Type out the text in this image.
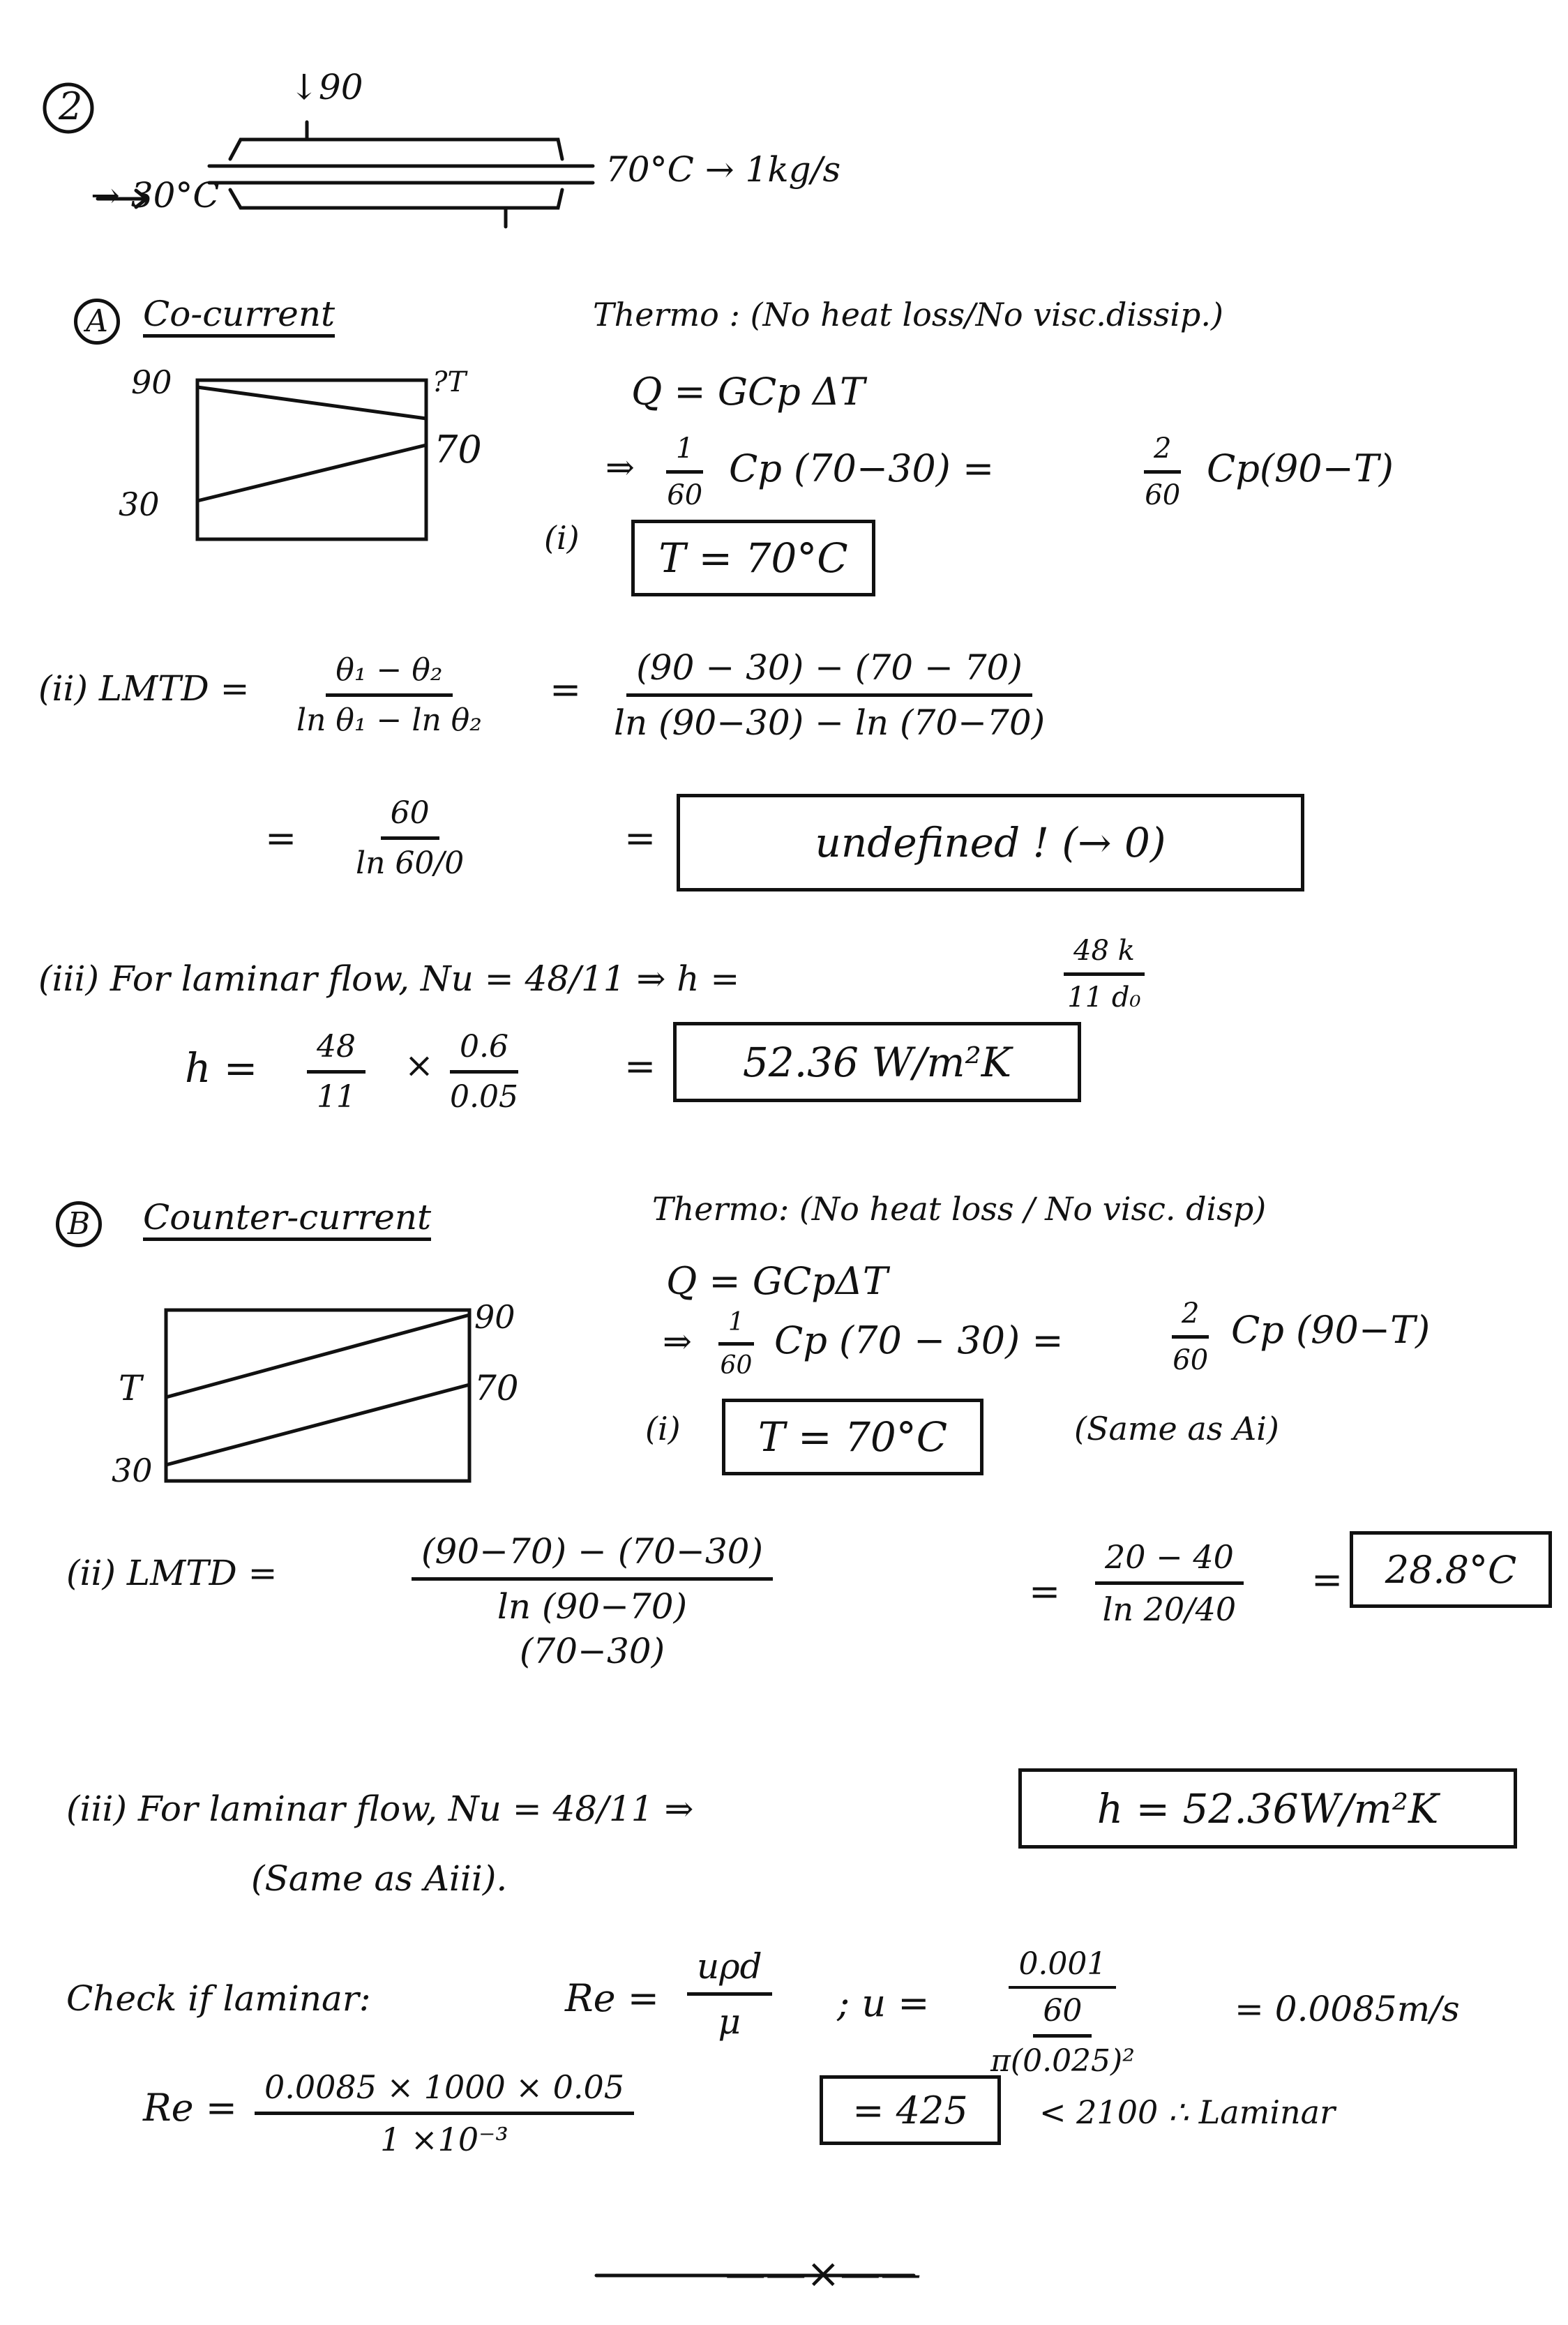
2	↓90
→ 30°C
70°C → 1kg/s
A	Co-current
90
30
?T
70
Thermo : (No heat loss/No visc.dissip.)
Q = GCp ΔT
⇒ $\frac{1}{60}$ Cp (70−30) =	$\frac{2}{60} Cp(90-T)$
(i)	T = 70°C
(ii) LMTD = $\frac{\text{θ₁ − θ₂}}{\text{ln θ₁ − ln θ₂}} = \frac{(90 - 30) - (70 - 70)}{\ln (90-30) - \ln (70-70)}$
= $\frac{60}{\ln 60/0}$	=	undefined ! (→ 0)
(iii) For laminar flow, Nu = 48/11 ⇒ h =	$\frac{48 k}{\text{11 d₀}}$
$h = \frac{48}{11} \times \frac{0.6}{0.05}$	=	52.36 W/m²K
B	Counter-current
90
30
T	70
Thermo: (No heat loss / No visc. disp)
Q = GCpΔT
⇒ $\frac{1}{60}$ Cp (70 − 30) =	$\frac{2}{60}$ Cp (90−T)
(i)	T = 70°C	(Same as Ai)
(ii) LMTD =
(90−70) − (70−30)
ln (90−70)
(70−30)
= $\frac{20 - 40}{\ln 20/40}$ =	28.8°C
(iii) For laminar flow, Nu = 48/11 ⇒	h = 52.36W/m²K
(Same as Aiii).
Check if laminar:	Re =
uρd
μ	; u =
0.001
60
π(0.025)²
= 0.0085m/s
$Re = \frac{0.0085 \times 1000 \times 0.05}{\text{1 ×10⁻³}}$	= 425	< 2100 ∴ Laminar
——×——
